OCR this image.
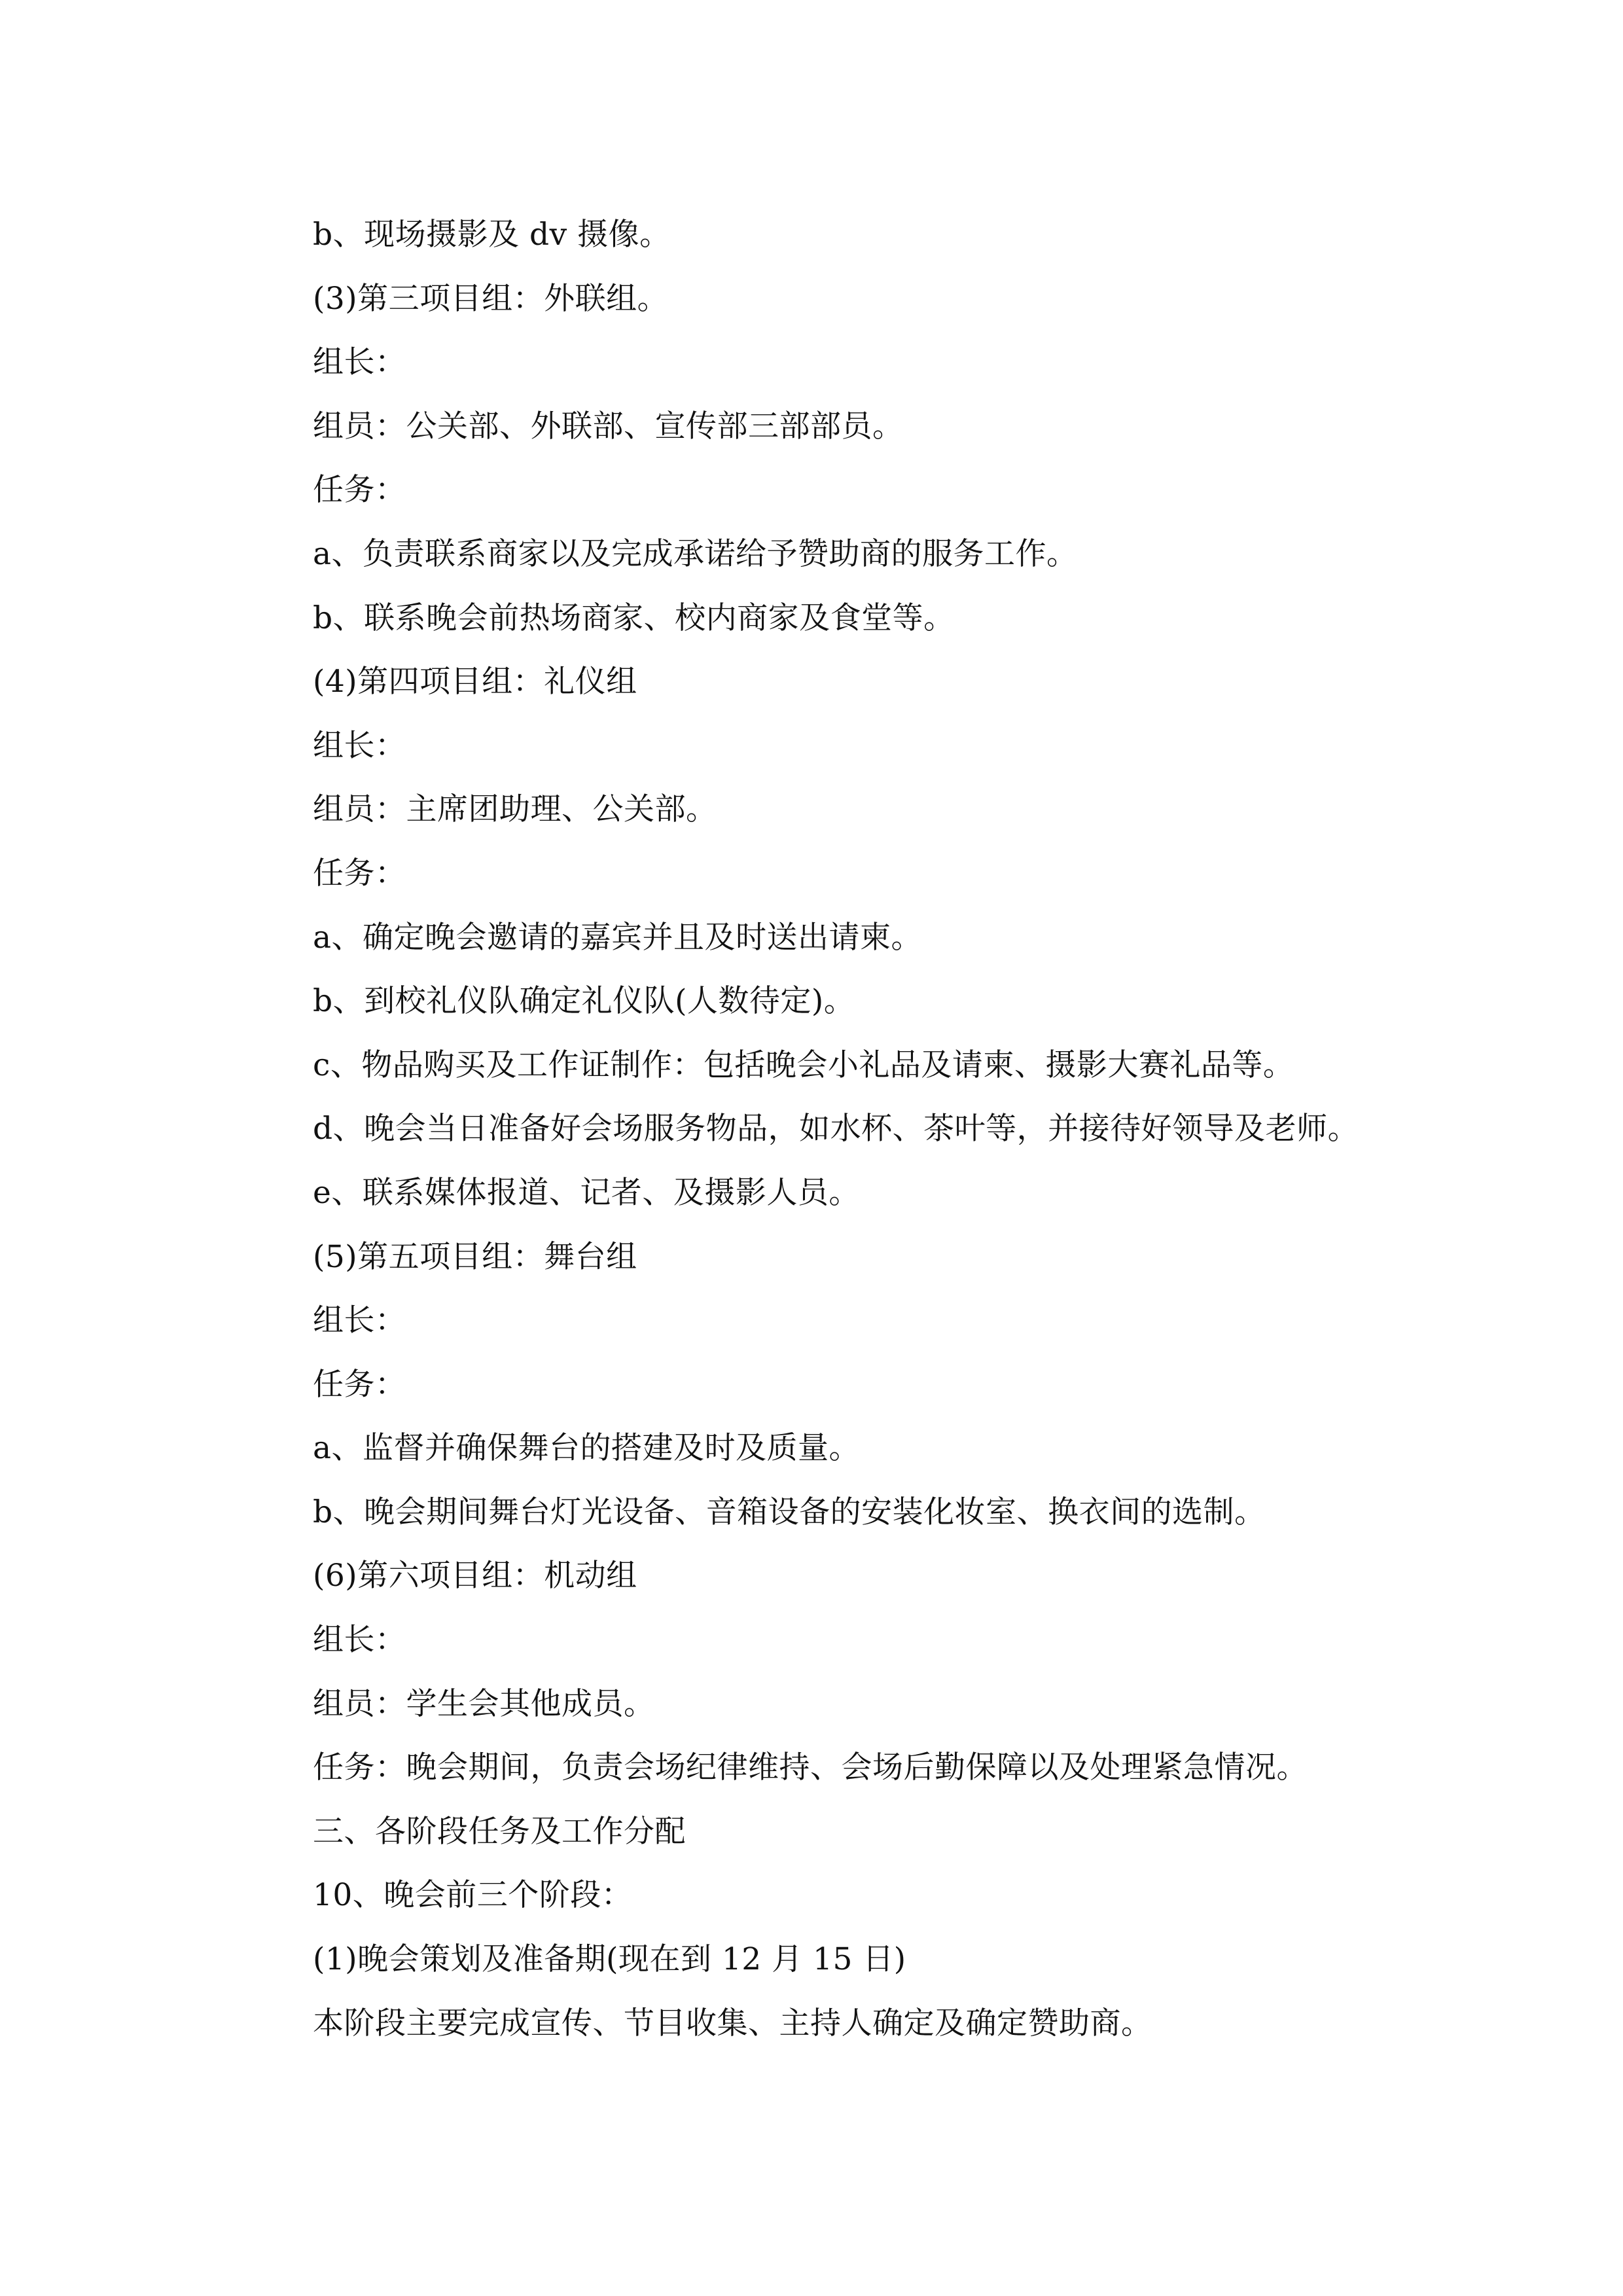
b、现场摄影及 dv 摄像。
(3)第三项目组：外联组。
组长：
组员：公关部、外联部、宣传部三部部员。
任务：
a、负责联系商家以及完成承诺给予赞助商的服务工作。
b、联系晚会前热场商家、校内商家及食堂等。
(4)第四项目组：礼仪组
组长：
组员：主席团助理、公关部。
任务：
a、确定晚会邀请的嘉宾并且及时送出请柬。
b、到校礼仪队确定礼仪队(人数待定)。
c、物品购买及工作证制作：包括晚会小礼品及请柬、摄影大赛礼品等。
d、晚会当日准备好会场服务物品，如水杯、茶叶等，并接待好领导及老师。
e、联系媒体报道、记者、及摄影人员。
(5)第五项目组：舞台组
组长：
任务：
a、监督并确保舞台的搭建及时及质量。
b、晚会期间舞台灯光设备、音箱设备的安装化妆室、换衣间的选制。
(6)第六项目组：机动组
组长：
组员：学生会其他成员。
任务：晚会期间，负责会场纪律维持、会场后勤保障以及处理紧急情况。
三、各阶段任务及工作分配
10、晚会前三个阶段：
(1)晚会策划及准备期(现在到 12 月 15 日)
本阶段主要完成宣传、节目收集、主持人确定及确定赞助商。
